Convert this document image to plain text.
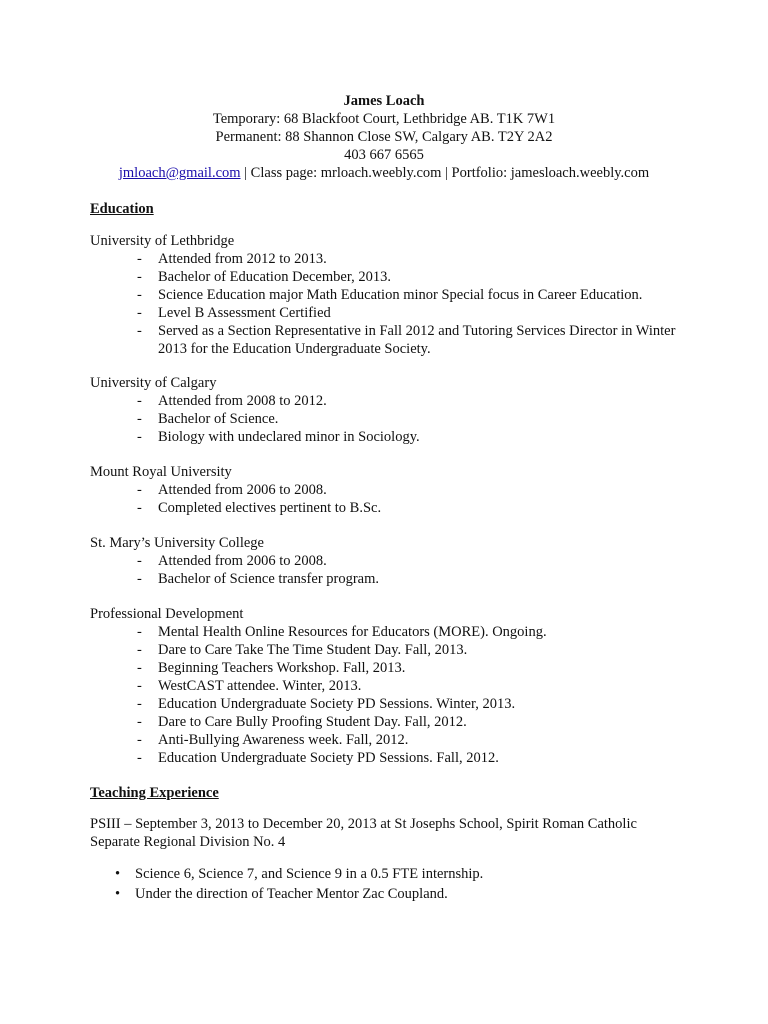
James Loach
Temporary: 68 Blackfoot Court, Lethbridge AB. T1K 7W1
Permanent: 88 Shannon Close SW, Calgary AB. T2Y 2A2
403 667 6565
jmloach@gmail.com | Class page: mrloach.weebly.com | Portfolio: jamesloach.weebly.com
Education
University of Lethbridge
- Attended from 2012 to 2013.
- Bachelor of Education December, 2013.
- Science Education major Math Education minor Special focus in Career Education.
- Level B Assessment Certified
- Served as a Section Representative in Fall 2012 and Tutoring Services Director in Winter 2013 for the Education Undergraduate Society.
University of Calgary
- Attended from 2008 to 2012.
- Bachelor of Science.
- Biology with undeclared minor in Sociology.
Mount Royal University
- Attended from 2006 to 2008.
- Completed electives pertinent to B.Sc.
St. Mary’s University College
- Attended from 2006 to 2008.
- Bachelor of Science transfer program.
Professional Development
- Mental Health Online Resources for Educators (MORE). Ongoing.
- Dare to Care Take The Time Student Day. Fall, 2013.
- Beginning Teachers Workshop. Fall, 2013.
- WestCAST attendee. Winter, 2013.
- Education Undergraduate Society PD Sessions. Winter, 2013.
- Dare to Care Bully Proofing Student Day. Fall, 2012.
- Anti-Bullying Awareness week. Fall, 2012.
- Education Undergraduate Society PD Sessions. Fall, 2012.
Teaching Experience
PSIII – September 3, 2013 to December 20, 2013 at St Josephs School, Spirit Roman Catholic Separate Regional Division No. 4
• Science 6, Science 7, and Science 9 in a 0.5 FTE internship.
• Under the direction of Teacher Mentor Zac Coupland.
